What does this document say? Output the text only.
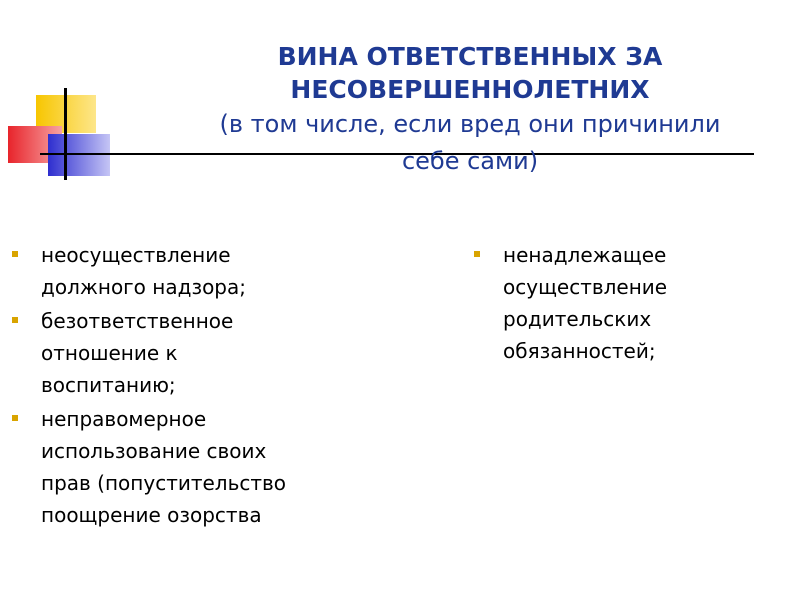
ВИНА ОТВЕТСТВЕННЫХ ЗА
НЕСОВЕРШЕННОЛЕТНИХ
(в том числе, если вред они причинили
себе сами)
неосуществление
должного надзора;
безответственное
отношение к
воспитанию;
неправомерное
использование своих
прав (попустительство
поощрение озорства
ненадлежащее
осуществление
родительских
обязанностей;
